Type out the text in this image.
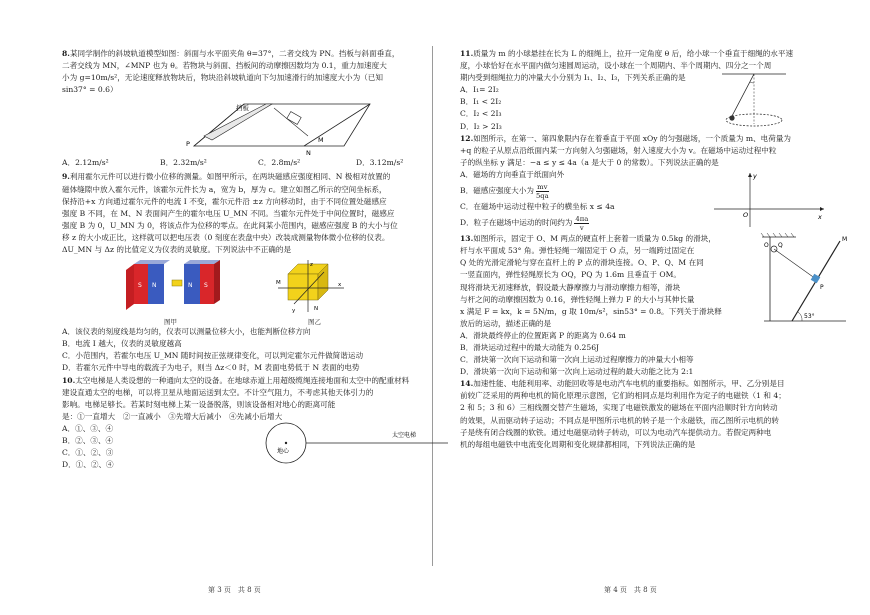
8.某同学制作的斜坡轨道模型如图：斜面与水平面夹角 θ=37°，二者交线为 PN。挡板与斜面垂直，

二者交线为 MN，∠MNP 也为 θ。若物块与斜面、挡板间的动摩擦因数均为 0.1，重力加速度大

小为 g=10m/s²，无论速度释放物块后，物块沿斜坡轨道向下匀加速滑行的加速度大小为（已知

sin37° = 0.6）

挡板
P
N
M
A．2.12m/s²	B．2.32m/s²	C．2.8m/s²	D．3.12m/s²

9.利用霍尔元件可以进行微小位移的测量。如图甲所示，在两块磁感应强度相同、N 极相对放置的

磁体缝隙中放入霍尔元件，该霍尔元件长为 a，宽为 b，厚为 c。建立如图乙所示的空间坐标系，

保持沿+x 方向通过霍尔元件的电流 I 不变，霍尔元件沿 ±z 方向移动时，由于不同位置处磁感应

强度 B 不同，在 M、N 表面间产生的霍尔电压 U_MN 不同。当霍尔元件处于中间位置时，磁感应

强度 B 为 0，U_MN 为 0，将该点作为位移的零点。在此间某小范围内，磁感应强度 B 的大小与位

移 z 的大小成正比，这样就可以把电压表（0 刻度在表盘中央）改装成测量物体微小位移的仪表。

ΔU_MN 与 Δz 的比值定义为仪表的灵敏度。下列说法中不正确的是

N
S	N S
图甲
z
x
y
M
N
图乙
A．该仪表的刻度线是均匀的，仪表可以测量位移大小，也能判断位移方向
B．电流 I 越大，仪表的灵敏度越高
C．小范围内，若霍尔电压 U_MN 随时间按正弦规律变化，可以判定霍尔元件做简谐运动
D．若霍尔元件中导电的载流子为电子，则当 Δz＜0 时，M 表面电势低于 N 表面的电势

10.太空电梯是人类设想的一种通向太空的设备。在地球赤道上用超级缆绳连接地面和太空中的配重材料

建设直通太空的电梯，可以将卫星从地面运送到太空。不计空气阻力，不考虑其他天体引力的

影响。电梯足够长。若某时刻电梯上某一设备脱落，则该设备相对地心的距离可能

是：①一直增大　②一直减小　③先增大后减小　④先减小后增大

A．①、③、④
B．②、③、④
C．①、②、③
D．①、②、④
地心
太空电梯

11.质量为 m 的小球悬挂在长为 L 的细绳上，拉开一定角度 θ 后，给小球一个垂直于细绳的水平速

度，小球恰好在水平面内做匀速圆周运动，设小球在一个周期内、半个周期内、四分之一个周

期内受到细绳拉力的冲量大小分别为 I₁、I₂、I₃，下列关系正确的是

A．I₁= 2I₂
B．I₁ < 2I₂
C．I₂ < 2I₃
D．I₂ > 2I₃

12.如图所示，在第一、第四象限内存在着垂直于平面 xOy 的匀强磁场，一个质量为 m、电荷量为

+q 的粒子从原点沿纸面内某一方向射入匀强磁场，射入速度大小为 v。在磁场中运动过程中粒

子的纵坐标 y 满足：−a ≤ y ≤ 4a（a 是大于 0 的常数）。下列说法正确的是

A．磁场的方向垂直于纸面向外
B．磁感应强度大小为 $\frac{mv}{5qa}$
C．在磁场中运动过程中粒子的横坐标 x ≤ 4a
D．粒子在磁场中运动的时间约为 $\frac{4\pi a}{v}$
y
x
O

13.如图所示，固定于 O、M 两点的硬直杆上套着一质量为 0.5kg 的滑块，

杆与水平面成 53° 角。弹性轻绳一端固定于 O 点，另一端跨过固定在

Q 处的光滑定滑轮与穿在直杆上的 P 点的滑块连接。O、P、Q、M 在同

一竖直面内，弹性轻绳原长为 OQ，PQ 为 1.6m 且垂直于 OM。

现将滑块无初速释放，假设最大静摩擦力与滑动摩擦力相等，滑块

与杆之间的动摩擦因数为 0.16，弹性轻绳上弹力 F 的大小与其伸长量

x 满足 F = kx，k = 5N/m，g 取 10m/s²，sin53° = 0.8。下列关于滑块释

放后的运动，描述正确的是

A．滑块最终停止的位置距离 P 的距离为 0.64 m
B．滑块运动过程中的最大动能为 0.256J
C．滑块第一次向下运动和第一次向上运动过程摩擦力的冲量大小相等
D．滑块第一次向下运动和第一次向上运动过程的最大动能之比为 2:1
O Q
M
P
53°

14.加速性能、电能利用率、动能回收等是电动汽车电机的重要指标。如图所示，甲、乙分别是目

前较广泛采用的两种电机的简化原理示意图，它们的相同点是均利用作为定子的电磁铁（1 和 4；

2 和 5；3 和 6）三相线圈交替产生磁场，实现了电磁铁激发的磁场在平面内沿顺时针方向转动

的效果，从而驱动转子运动；不同点是甲图所示电机的转子是一个永磁铁，而乙图所示电机的转

子是绕有闭合线圈的软铁。通过电磁驱动转子转动，可以为电动汽车提供动力。若假定两种电

机的每组电磁铁中电流变化周期和变化规律都相同，下列说法正确的是

第 3 页　共 8 页	第 4 页　共 8 页
